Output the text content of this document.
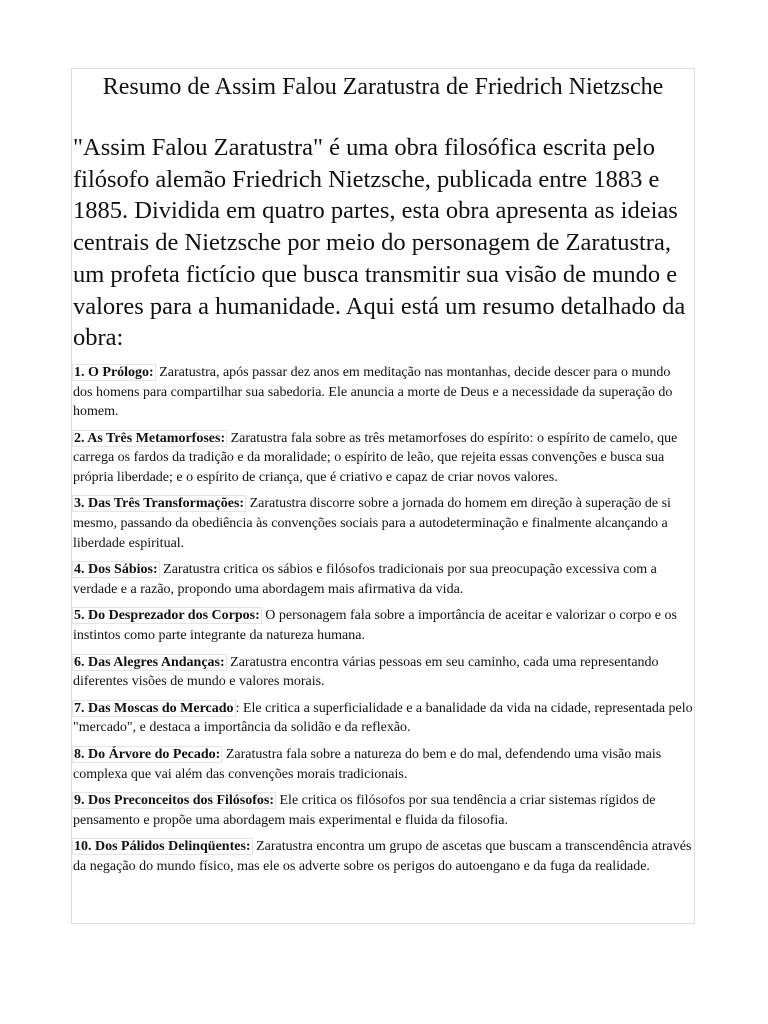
Resumo de Assim Falou Zaratustra de Friedrich Nietzsche

"Assim Falou Zaratustra" é uma obra filosófica escrita pelo filósofo alemão Friedrich Nietzsche, publicada entre 1883 e 1885. Dividida em quatro partes, esta obra apresenta as ideias centrais de Nietzsche por meio do personagem de Zaratustra, um profeta fictício que busca transmitir sua visão de mundo e valores para a humanidade. Aqui está um resumo detalhado da obra:

1. O Prólogo: Zaratustra, após passar dez anos em meditação nas montanhas, decide descer para o mundo dos homens para compartilhar sua sabedoria. Ele anuncia a morte de Deus e a necessidade da superação do homem.

2. As Três Metamorfoses: Zaratustra fala sobre as três metamorfoses do espírito: o espírito de camelo, que carrega os fardos da tradição e da moralidade; o espírito de leão, que rejeita essas convenções e busca sua própria liberdade; e o espírito de criança, que é criativo e capaz de criar novos valores.

3. Das Três Transformações: Zaratustra discorre sobre a jornada do homem em direção à superação de si mesmo, passando da obediência às convenções sociais para a autodeterminação e finalmente alcançando a liberdade espiritual.

4. Dos Sábios: Zaratustra critica os sábios e filósofos tradicionais por sua preocupação excessiva com a verdade e a razão, propondo uma abordagem mais afirmativa da vida.

5. Do Desprezador dos Corpos: O personagem fala sobre a importância de aceitar e valorizar o corpo e os instintos como parte integrante da natureza humana.

6. Das Alegres Andanças: Zaratustra encontra várias pessoas em seu caminho, cada uma representando diferentes visões de mundo e valores morais.

7. Das Moscas do Mercado : Ele critica a superficialidade e a banalidade da vida na cidade, representada pelo "mercado", e destaca a importância da solidão e da reflexão.

8. Do Árvore do Pecado: Zaratustra fala sobre a natureza do bem e do mal, defendendo uma visão mais complexa que vai além das convenções morais tradicionais.

9. Dos Preconceitos dos Filósofos: Ele critica os filósofos por sua tendência a criar sistemas rígidos de pensamento e propõe uma abordagem mais experimental e fluida da filosofia.

10. Dos Pálidos Delinqüentes: Zaratustra encontra um grupo de ascetas que buscam a transcendência através da negação do mundo físico, mas ele os adverte sobre os perigos do autoengano e da fuga da realidade.
